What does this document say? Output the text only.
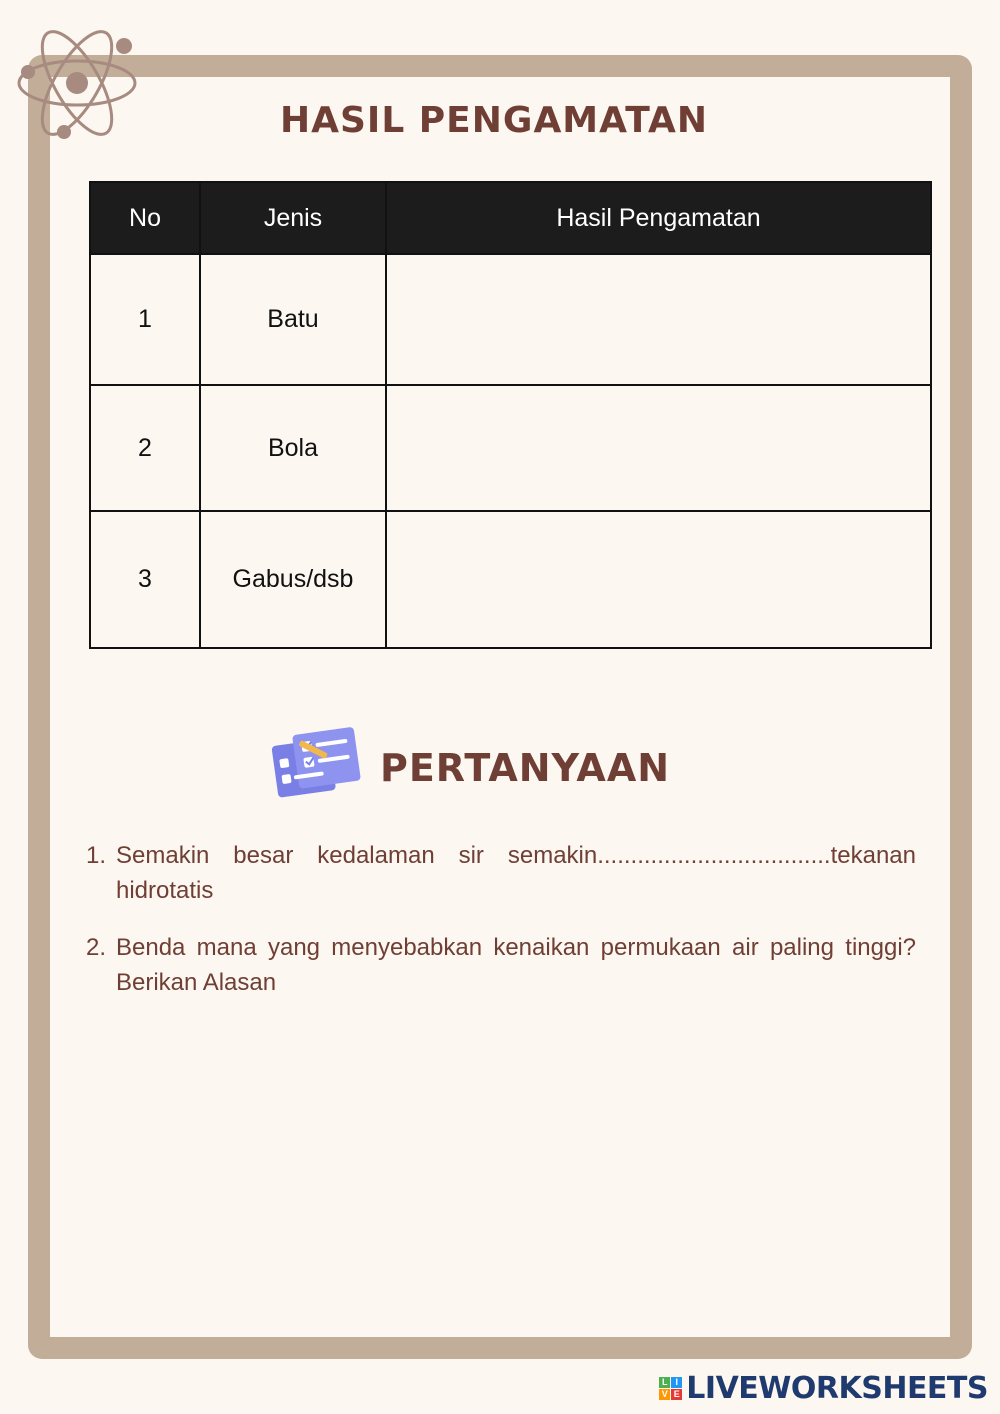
HASIL PENGAMATAN
No	Jenis	Hasil Pengamatan
1	Batu	
2	Bola	
3	Gabus/dsb	
PERTANYAAN
1. Semakin besar kedalaman sir semakin...................................tekanan hidrotatis
2. Benda mana yang menyebabkan kenaikan permukaan air paling tinggi? Berikan Alasan
L I
V E LIVEWORKSHEETS
